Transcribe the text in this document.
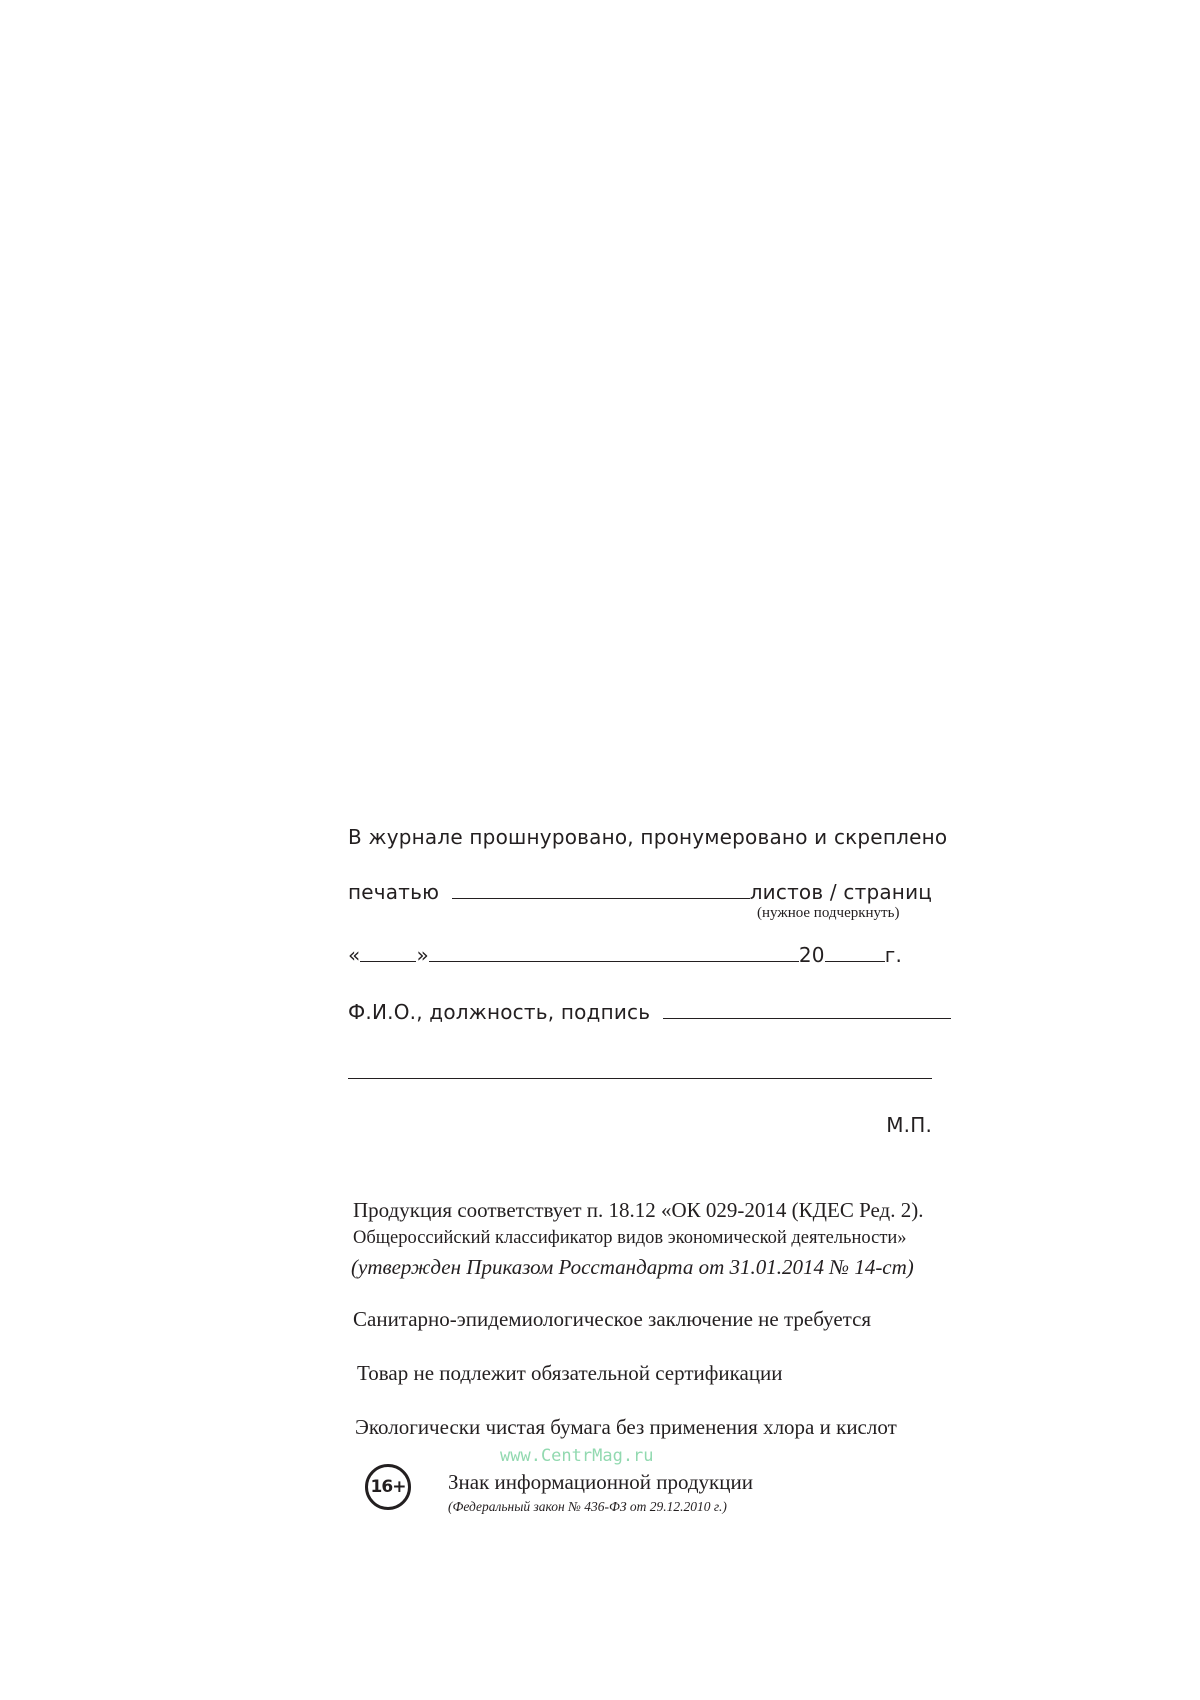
В журнале прошнуровано, пронумеровано и скреплено
печатью	листов / страниц
(нужное подчеркнуть)
«	»	20	г.
Ф.И.О., должность, подпись
М.П.
Продукция соответствует п. 18.12 «ОК 029-2014 (КДЕС Ред. 2).
Общероссийский классификатор видов экономической деятельности»
(утвержден Приказом Росстандарта от 31.01.2014 № 14-ст)
Санитарно-эпидемиологическое заключение не требуется
Товар не подлежит обязательной сертификации
Экологически чистая бумага без применения хлора и кислот
www.CentrMag.ru
16+ Знак информационной продукции
(Федеральный закон № 436-ФЗ от 29.12.2010 г.)
